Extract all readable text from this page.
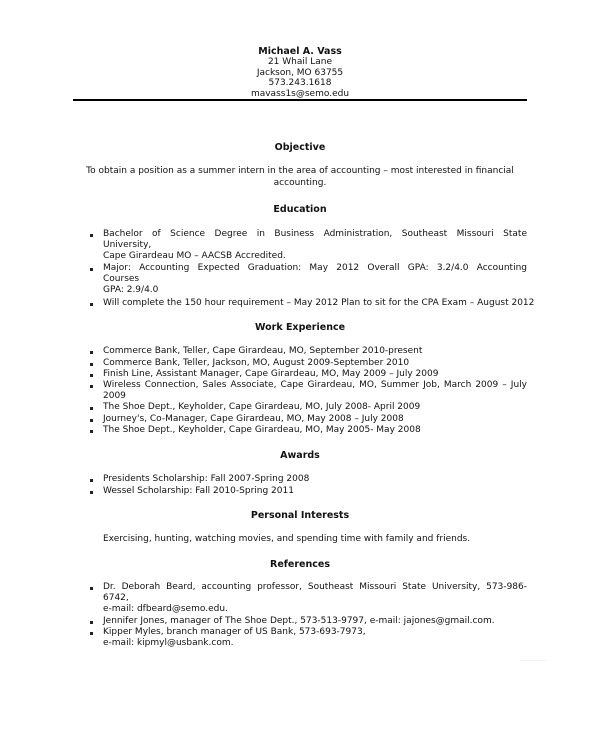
Michael A. Vass
21 Whail Lane
Jackson, MO 63755
573.243.1618
mavass1s@semo.edu
Objective
To obtain a position as a summer intern in the area of accounting – most interested in financial
accounting.
Education
Bachelor of Science Degree in Business Administration, Southeast Missouri State
University,
Cape Girardeau MO – AACSB Accredited.
Major: Accounting Expected Graduation: May 2012 Overall GPA: 3.2/4.0 Accounting
Courses
GPA: 2.9/4.0
Will complete the 150 hour requirement – May 2012 Plan to sit for the CPA Exam – August 2012
Work Experience
Commerce Bank, Teller, Cape Girardeau, MO, September 2010-present
Commerce Bank, Teller, Jackson, MO, August 2009-September 2010
Finish Line, Assistant Manager, Cape Girardeau, MO, May 2009 – July 2009
Wireless Connection, Sales Associate, Cape Girardeau, MO, Summer Job, March 2009 – July
2009
The Shoe Dept., Keyholder, Cape Girardeau, MO, July 2008- April 2009
Journey's, Co-Manager, Cape Girardeau, MO, May 2008 – July 2008
The Shoe Dept., Keyholder, Cape Girardeau, MO, May 2005- May 2008
Awards
Presidents Scholarship: Fall 2007-Spring 2008
Wessel Scholarship: Fall 2010-Spring 2011
Personal Interests
Exercising, hunting, watching movies, and spending time with family and friends.
References
Dr. Deborah Beard, accounting professor, Southeast Missouri State University, 573-986-
6742,
e-mail: dfbeard@semo.edu.
Jennifer Jones, manager of The Shoe Dept., 573-513-9797, e-mail: jajones@gmail.com.
Kipper Myles, branch manager of US Bank, 573-693-7973,
e-mail: kipmyl@usbank.com.
